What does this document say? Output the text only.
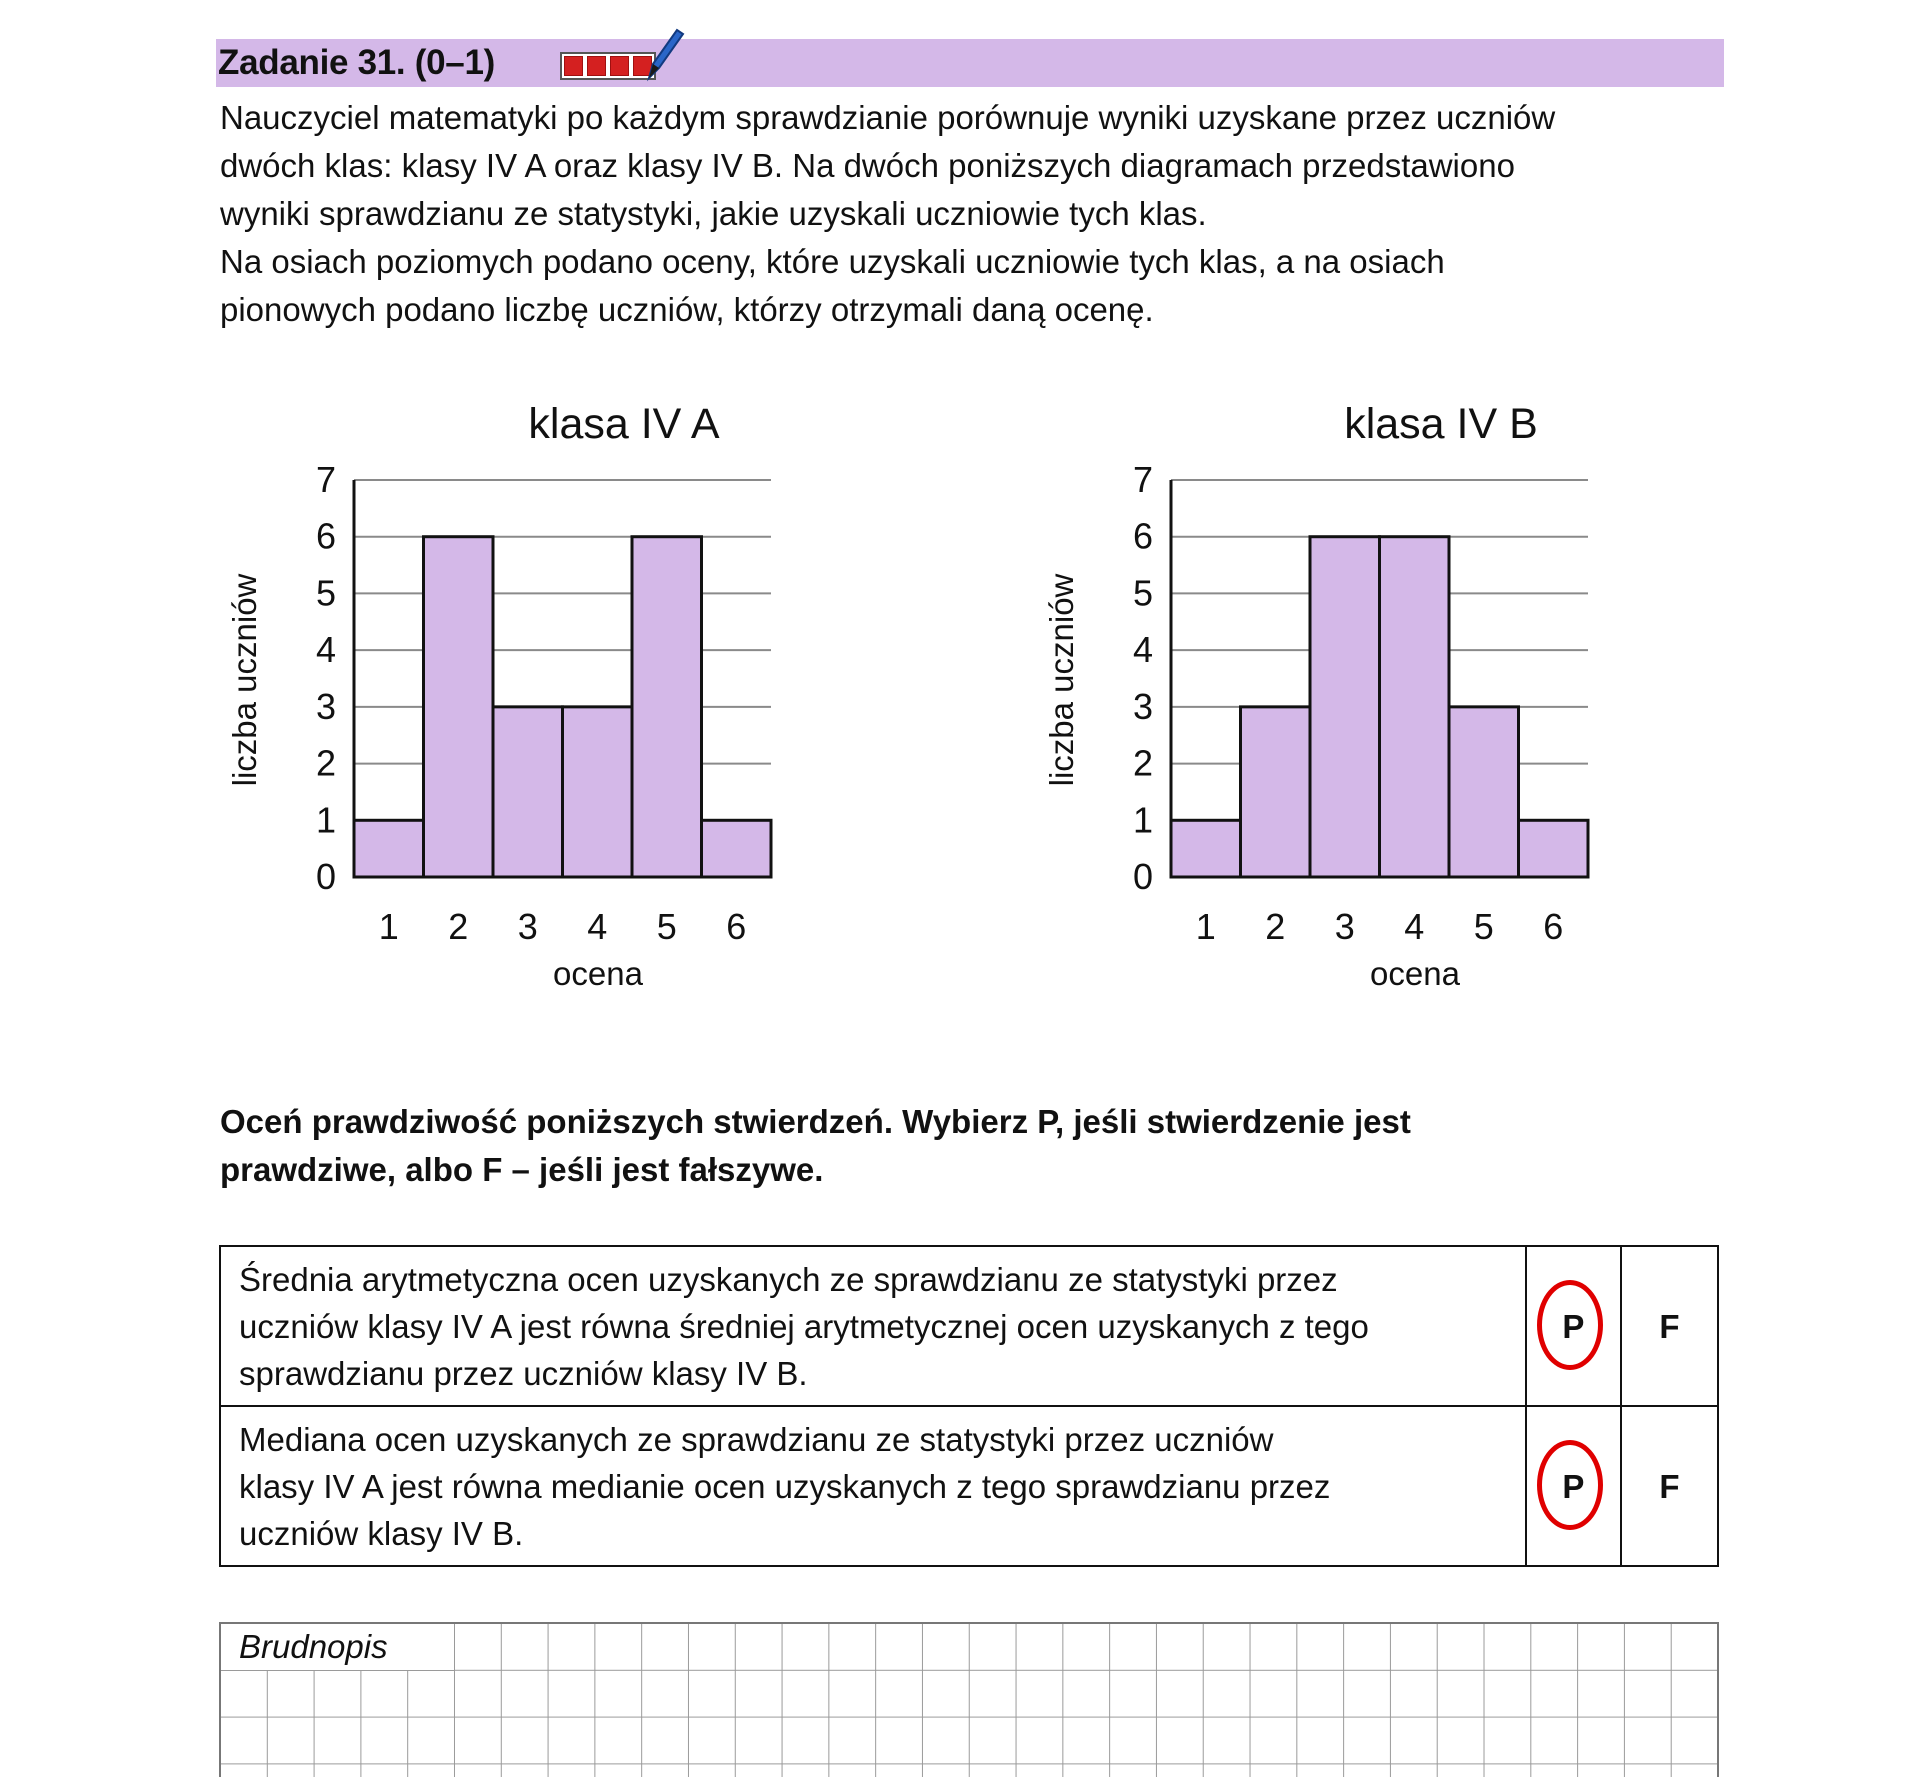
Zadanie 31. (0–1)

Nauczyciel matematyki po każdym sprawdzianie porównuje wyniki uzyskane przez uczniów

dwóch klas: klasy IV A oraz klasy IV B. Na dwóch poniższych diagramach przedstawiono

wyniki sprawdzianu ze statystyki, jakie uzyskali uczniowie tych klas.

Na osiach poziomych podano oceny, które uzyskali uczniowie tych klas, a na osiach

pionowych podano liczbę uczniów, którzy otrzymali daną ocenę.

klasa IV A
0
1
2
3
4
5
6
7
1 2 3 4 5 6
liczba uczniów
ocena
klasa IV B
0
1
2
3
4
5
6
7
1 2 3 4 5 6
liczba uczniów
ocena
Oceń prawdziwość poniższych stwierdzeń. Wybierz P, jeśli stwierdzenie jest
prawdziwe, albo F – jeśli jest fałszywe.
Średnia arytmetyczna ocen uzyskanych ze sprawdzianu ze statystyki przez
uczniów klasy IV A jest równa średniej arytmetycznej ocen uzyskanych z tego
sprawdzianu przez uczniów klasy IV B.	P	F

Mediana ocen uzyskanych ze sprawdzianu ze statystyki przez uczniów
klasy IV A jest równa medianie ocen uzyskanych z tego sprawdzianu przez
uczniów klasy IV B.	P	F
Brudnopis
